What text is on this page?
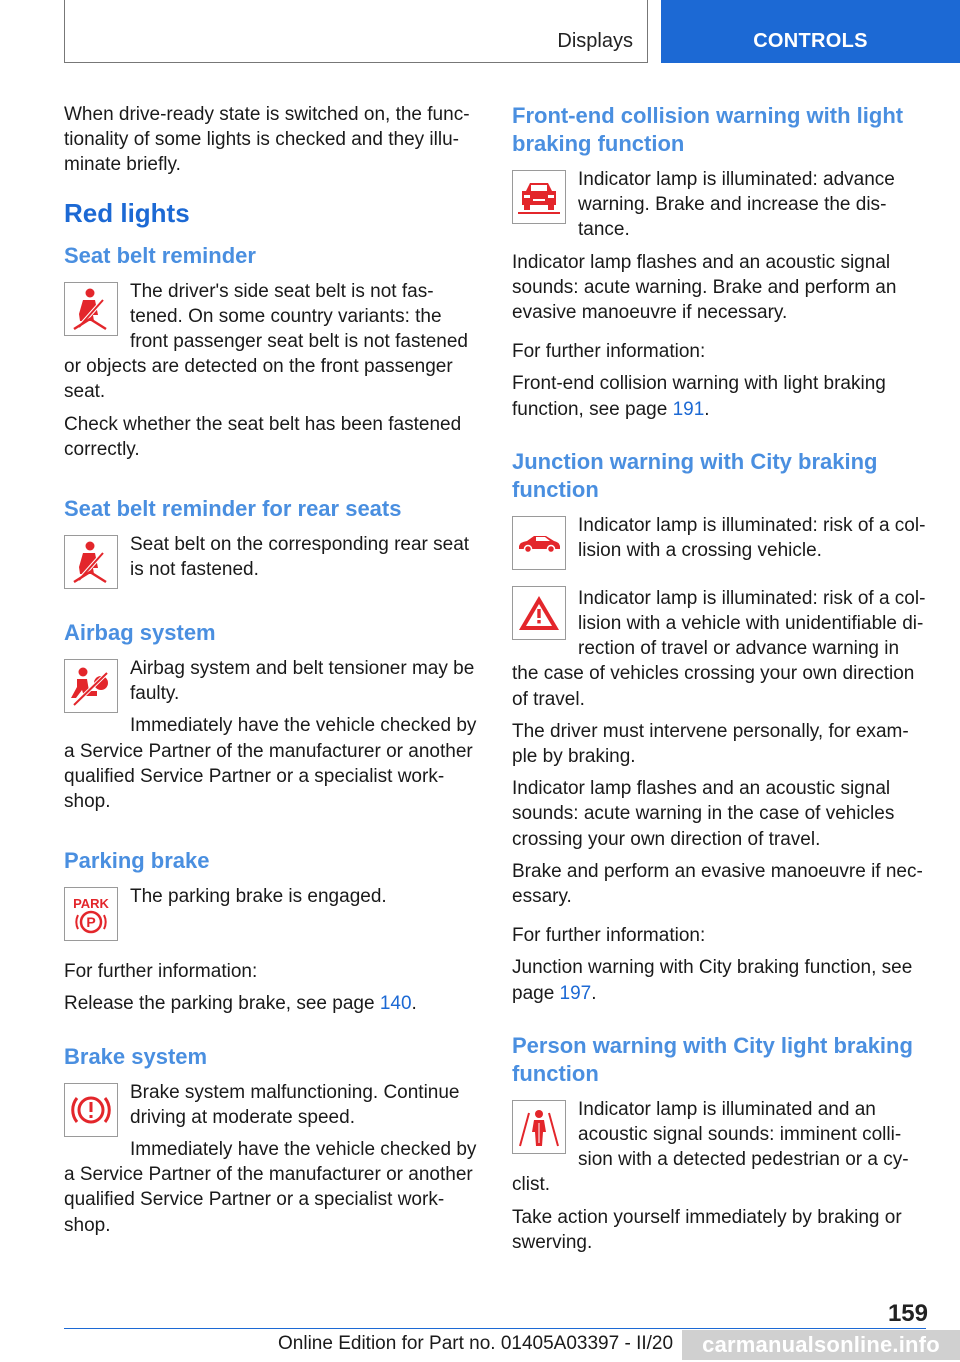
Displays	CONTROLS

When drive-ready state is switched on, the functionality of some lights is checked and they illuminate briefly.

Red lights
Seat belt reminder

The driver's side seat belt is not fastened. On some country variants: the front passenger seat belt is not fastened or objects are detected on the front passenger seat.

Check whether the seat belt has been fastened correctly.

Seat belt reminder for rear seats

Seat belt on the corresponding rear seat is not fastened.

Airbag system

Airbag system and belt tensioner may be faulty.

Immediately have the vehicle checked by a Service Partner of the manufacturer or another qualified Service Partner or a specialist workshop.

Parking brake
PARK
P

The parking brake is engaged.

For further information:

Release the parking brake, see page 140.

Brake system

Brake system malfunctioning. Continue driving at moderate speed.

Immediately have the vehicle checked by a Service Partner of the manufacturer or another qualified Service Partner or a specialist workshop.

Front-end collision warning with light braking function

Indicator lamp is illuminated: advance warning. Brake and increase the distance.

Indicator lamp flashes and an acoustic signal sounds: acute warning. Brake and perform an evasive manoeuvre if necessary.

For further information:

Front-end collision warning with light braking function, see page 191.

Junction warning with City braking function

Indicator lamp is illuminated: risk of a collision with a crossing vehicle.

Indicator lamp is illuminated: risk of a collision with a vehicle with unidentifiable direction of travel or advance warning in the case of vehicles crossing your own direction of travel.

The driver must intervene personally, for example by braking.

Indicator lamp flashes and an acoustic signal sounds: acute warning in the case of vehicles crossing your own direction of travel.

Brake and perform an evasive manoeuvre if necessary.

For further information:

Junction warning with City braking function, see page 197.

Person warning with City light braking function

Indicator lamp is illuminated and an acoustic signal sounds: imminent collision with a detected pedestrian or a cyclist.

Take action yourself immediately by braking or swerving.

159
Online Edition for Part no. 01405A03397 - II/20	carmanualsonline.info
